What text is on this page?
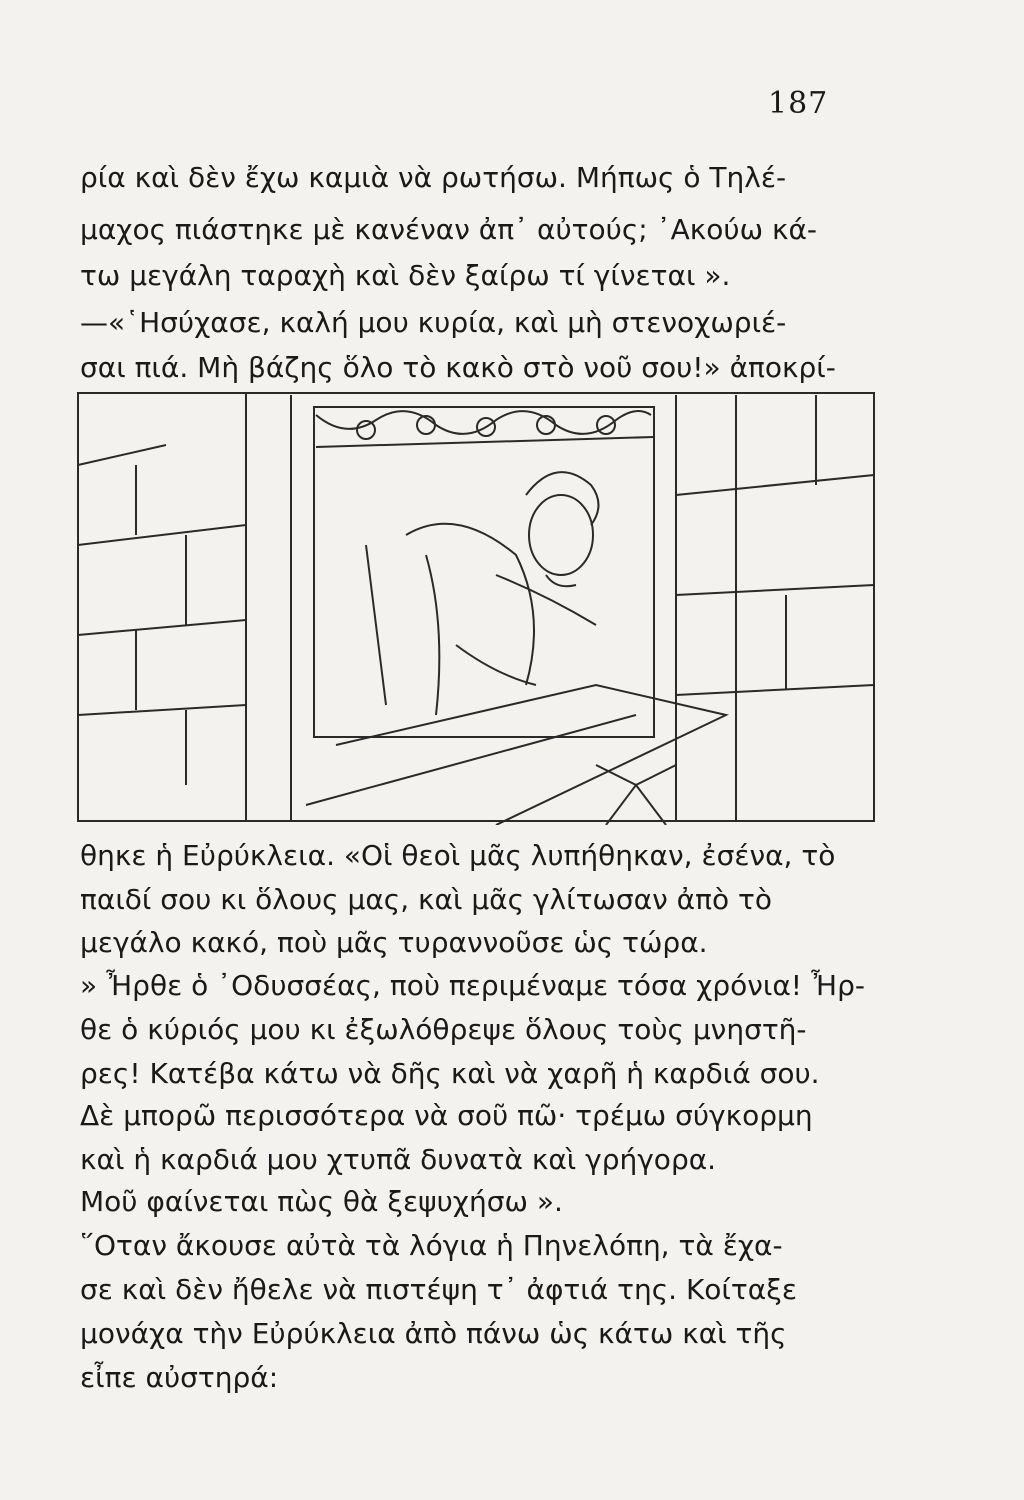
187
ρία καὶ δὲν ἔχω καμιὰ νὰ ρωτήσω. Μήπως ὁ Τηλέ-
μαχος πιάστηκε μὲ κανέναν ἀπ᾽ αὐτούς; ᾿Ακούω κά-
τω μεγάλη ταραχὴ καὶ δὲν ξαίρω τί γίνεται ».
—«῾Ησύχασε, καλή μου κυρία, καὶ μὴ στενοχωριέ-
σαι πιά. Μὴ βάζης ὅλο τὸ κακὸ στὸ νοῦ σου!» ἀποκρί-
θηκε ἡ Εὐρύκλεια. «Οἱ θεοὶ μᾶς λυπήθηκαν, ἐσένα, τὸ
παιδί σου κι ὅλους μας, καὶ μᾶς γλίτωσαν ἀπὸ τὸ
μεγάλο κακό, ποὺ μᾶς τυραννοῦσε ὡς τώρα.
» Ἦρθε ὁ ᾿Οδυσσέας, ποὺ περιμέναμε τόσα χρόνια! Ἦρ-
θε ὁ κύριός μου κι ἐξωλόθρεψε ὅλους τοὺς μνηστῆ-
ρες! Κατέβα κάτω νὰ δῆς καὶ νὰ χαρῆ ἡ καρδιά σου.
Δὲ μπορῶ περισσότερα νὰ σοῦ πῶ· τρέμω σύγκορμη
καὶ ἡ καρδιά μου χτυπᾶ δυνατὰ καὶ γρήγορα.
Μοῦ φαίνεται πὼς θὰ ξεψυχήσω ».
῞Οταν ἄκουσε αὐτὰ τὰ λόγια ἡ Πηνελόπη, τὰ ἔχα-
σε καὶ δὲν ἤθελε νὰ πιστέψη τ᾽ ἀφτιά της. Κοίταξε
μονάχα τὴν Εὐρύκλεια ἀπὸ πάνω ὡς κάτω καὶ τῆς
εἶπε αὐστηρά:
